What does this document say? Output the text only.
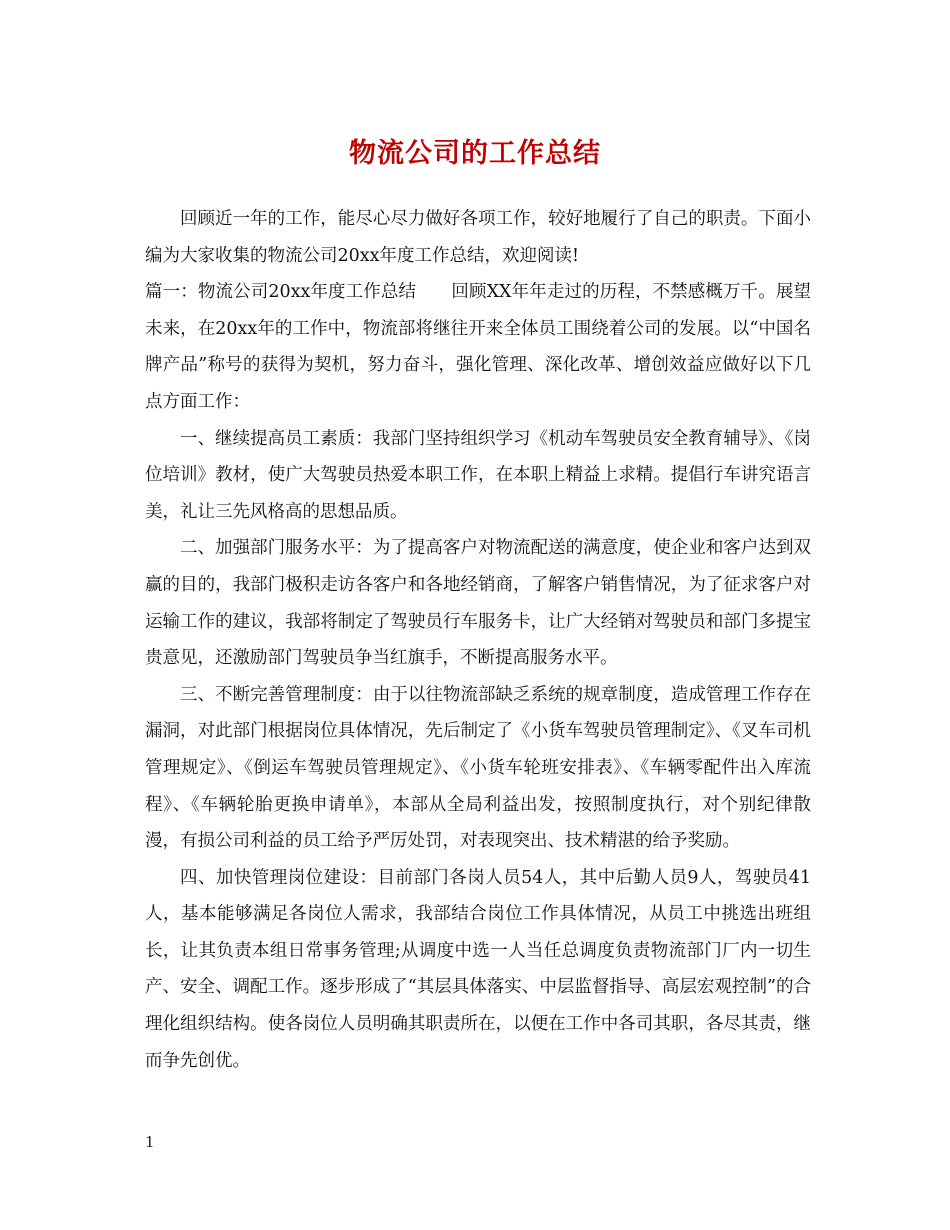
物流公司的工作总结

回顾近一年的工作，能尽心尽力做好各项工作，较好地履行了自己的职责。下面小编为大家收集的物流公司20xx年度工作总结，欢迎阅读!

篇一：物流公司20xx年度工作总结　　回顾XX年年走过的历程，不禁感概万千。展望未来，在20xx年的工作中，物流部将继往开来全体员工围绕着公司的发展。以“中国名牌产品”称号的获得为契机，努力奋斗，强化管理、深化改革、增创效益应做好以下几点方面工作：

一、继续提高员工素质：我部门坚持组织学习《机动车驾驶员安全教育辅导》、《岗位培训》教材，使广大驾驶员热爱本职工作，在本职上精益上求精。提倡行车讲究语言美，礼让三先风格高的思想品质。

二、加强部门服务水平：为了提高客户对物流配送的满意度，使企业和客户达到双赢的目的，我部门极积走访各客户和各地经销商，了解客户销售情况，为了征求客户对运输工作的建议，我部将制定了驾驶员行车服务卡，让广大经销对驾驶员和部门多提宝贵意见，还激励部门驾驶员争当红旗手，不断提高服务水平。

三、不断完善管理制度：由于以往物流部缺乏系统的规章制度，造成管理工作存在漏洞，对此部门根据岗位具体情况，先后制定了《小货车驾驶员管理制定》、《叉车司机管理规定》、《倒运车驾驶员管理规定》、《小货车轮班安排表》、《车辆零配件出入库流程》、《车辆轮胎更换申请单》，本部从全局利益出发，按照制度执行，对个别纪律散漫，有损公司利益的员工给予严厉处罚，对表现突出、技术精湛的给予奖励。

四、加快管理岗位建设：目前部门各岗人员54人，其中后勤人员9人，驾驶员41人，基本能够满足各岗位人需求，我部结合岗位工作具体情况，从员工中挑选出班组长，让其负责本组日常事务管理;从调度中选一人当任总调度负责物流部门厂内一切生产、安全、调配工作。逐步形成了“其层具体落实、中层监督指导、高层宏观控制”的合理化组织结构。使各岗位人员明确其职责所在，以便在工作中各司其职，各尽其责，继而争先创优。

1
